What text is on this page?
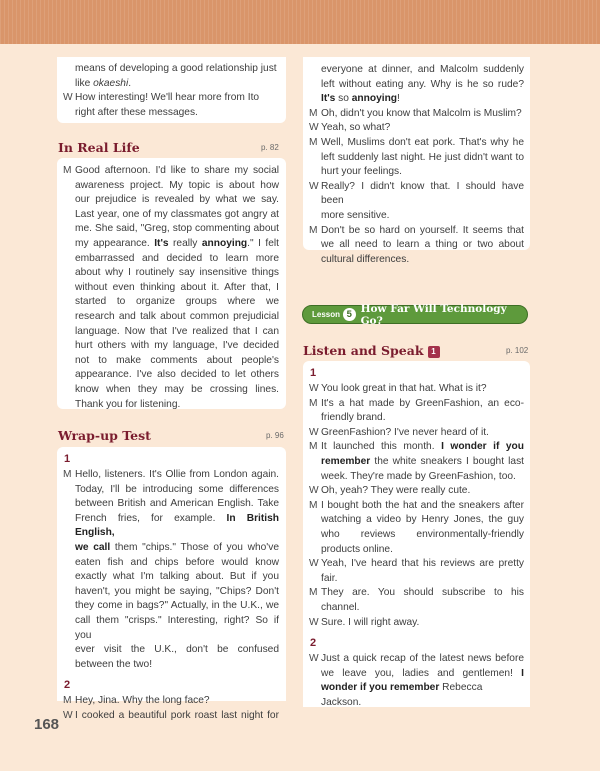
means of developing a good relationship just
like okaeshi.
W How interesting! We'll hear more from Ito
right after these messages.
In Real Life	p. 82
M Good afternoon. I'd like to share my social
awareness project. My topic is about how
our prejudice is revealed by what we say.
Last year, one of my classmates got angry at
me. She said, "Greg, stop commenting about
my appearance. It's really annoying." I felt
embarrassed and decided to learn more
about why I routinely say insensitive things
without even thinking about it. After that, I
started to organize groups where we
research and talk about common prejudicial
language. Now that I've realized that I can
hurt others with my language, I've decided
not to make comments about people's
appearance. I've also decided to let others
know when they may be crossing lines.
Thank you for listening.
Wrap-up Test	p. 96
1
M Hello, listeners. It's Ollie from London again.
Today, I'll be introducing some differences
between British and American English. Take
French fries, for example. In British English,
we call them "chips." Those of you who've
eaten fish and chips before would know
exactly what I'm talking about. But if you
haven't, you might be saying, "Chips? Don't
they come in bags?" Actually, in the U.K., we
call them "crisps." Interesting, right? So if you
ever visit the U.K., don't be confused
between the two!
2
M Hey, Jina. Why the long face?
W I cooked a beautiful pork roast last night for
everyone at dinner, and Malcolm suddenly
left without eating any. Why is he so rude?
It's so annoying!
M Oh, didn't you know that Malcolm is Muslim?
W Yeah, so what?
M Well, Muslims don't eat pork. That's why he
left suddenly last night. He just didn't want to
hurt your feelings.
W Really? I didn't know that. I should have been
more sensitive.
M Don't be so hard on yourself. It seems that
we all need to learn a thing or two about
cultural differences.
Lesson 5 How Far Will Technology Go?
Listen and Speak 1	p. 102
1
W You look great in that hat. What is it?
M It's a hat made by GreenFashion, an eco-
friendly brand.
W GreenFashion? I've never heard of it.
M It launched this month. I wonder if you
remember the white sneakers I bought last
week. They're made by GreenFashion, too.
W Oh, yeah? They were really cute.
M I bought both the hat and the sneakers after
watching a video by Henry Jones, the guy
who reviews environmentally-friendly
products online.
W Yeah, I've heard that his reviews are pretty
fair.
M They are. You should subscribe to his
channel.
W Sure. I will right away.
2
W Just a quick recap of the latest news before
we leave you, ladies and gentlemen! I
wonder if you remember Rebecca Jackson.
168
